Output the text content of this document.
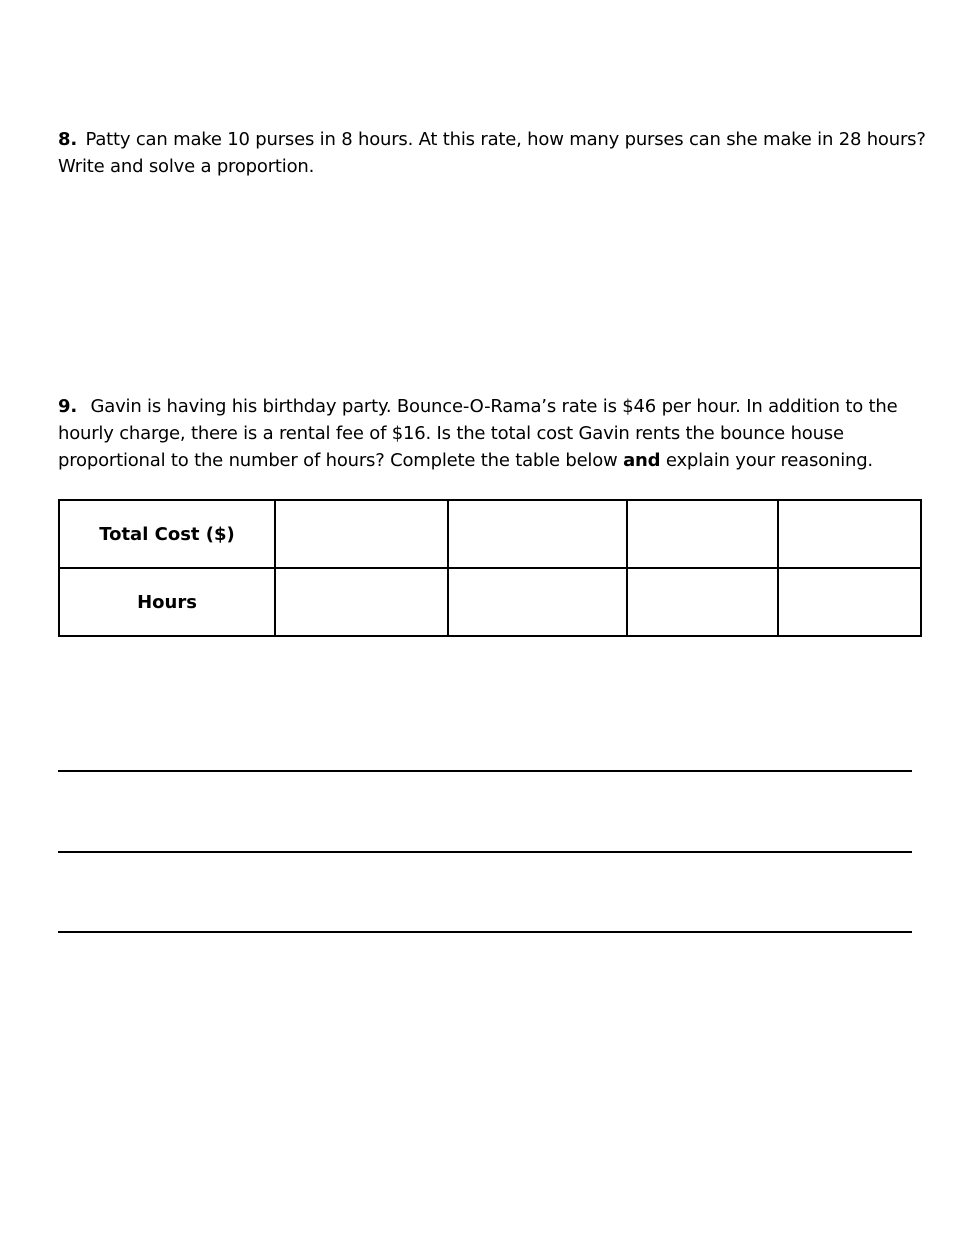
8. Patty can make 10 purses in 8 hours. At this rate, how many purses can she make in 28 hours? Write and solve a proportion.
9. Gavin is having his birthday party. Bounce-O-Rama’s rate is $46 per hour. In addition to the hourly charge, there is a rental fee of $16. Is the total cost Gavin rents the bounce house proportional to the number of hours? Complete the table below and explain your reasoning.
Total Cost ($)				
Hours				
